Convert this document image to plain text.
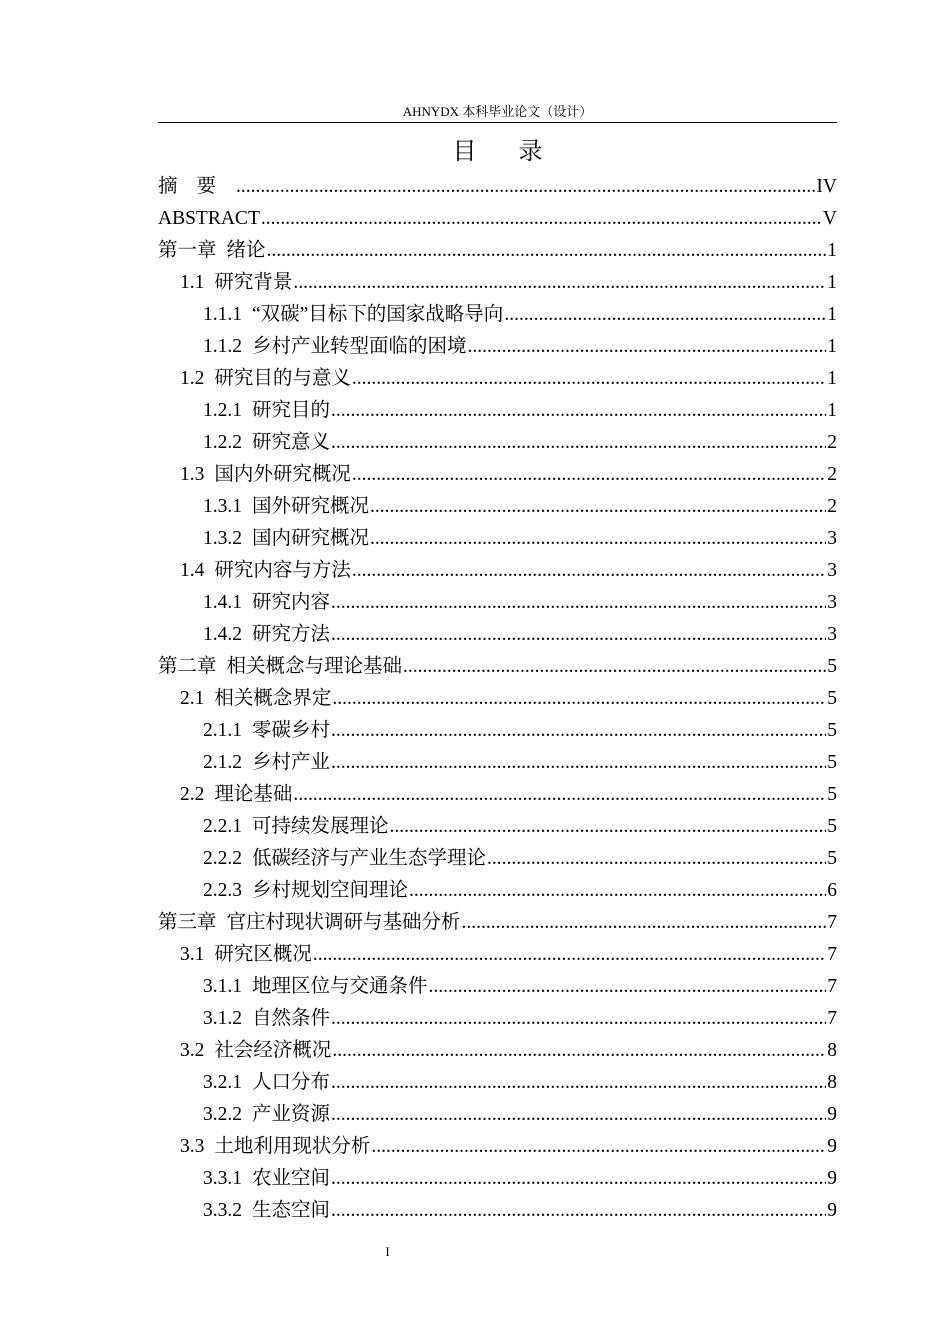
AHNYDX 本科毕业论文（设计）
目 录
摘要 .....	IV
ABSTRACT .....	V
第一章 绪论 .....	1
1.1 研究背景 .....	1
1.1.1 “双碳”目标下的国家战略导向 .....	1
1.1.2 乡村产业转型面临的困境 .....	1
1.2 研究目的与意义 .....	1
1.2.1 研究目的 .....	1
1.2.2 研究意义 .....	2
1.3 国内外研究概况 .....	2
1.3.1 国外研究概况 .....	2
1.3.2 国内研究概况 .....	3
1.4 研究内容与方法 .....	3
1.4.1 研究内容 .....	3
1.4.2 研究方法 .....	3
第二章 相关概念与理论基础 .....	5
2.1 相关概念界定 .....	5
2.1.1 零碳乡村 .....	5
2.1.2 乡村产业 .....	5
2.2 理论基础 .....	5
2.2.1 可持续发展理论 .....	5
2.2.2 低碳经济与产业生态学理论 .....	5
2.2.3 乡村规划空间理论 .....	6
第三章 官庄村现状调研与基础分析 .....	7
3.1 研究区概况 .....	7
3.1.1 地理区位与交通条件 .....	7
3.1.2 自然条件 .....	7
3.2 社会经济概况 .....	8
3.2.1 人口分布 .....	8
3.2.2 产业资源 .....	9
3.3 土地利用现状分析 .....	9
3.3.1 农业空间 .....	9
3.3.2 生态空间 .....	9
I
